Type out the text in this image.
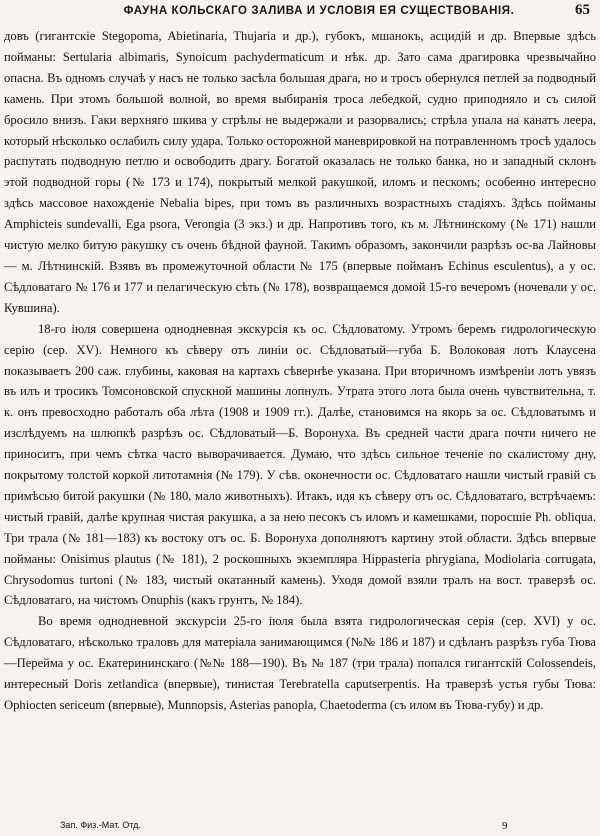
ФАУНА КОЛЬСКАГО ЗАЛИВА И УСЛОВІЯ ЕЯ СУЩЕСТВОВАНІЯ.	65

довъ (гигантскіе Stegopoma, Abietinaria, Thujaria и др.), губокъ, мшанокъ, асцидій и др. Впервые здѣсь пойманы: Sertularia albimaris, Synoicum pachydermaticum и нѣк. др. Зато сама драгировка чрезвычайно опасна. Въ одномъ случаѣ у насъ не только засѣла большая драга, но и тросъ обернулся петлей за подводный камень. При этомъ большой волной, во время выбиранія троса лебедкой, судно приподняло и съ силой бросило внизъ. Гаки верхняго шкива у стрѣлы не выдержали и разорвались; стрѣла упала на канатъ леера, который нѣсколько ослабилъ силу удара. Только осторожной маневрировкой на потравленномъ тросѣ удалось распутать подводную петлю и освободить драгу. Богатой оказалась не только банка, но и западный склонъ этой подводной горы (№ 173 и 174), покрытый мелкой ракушкой, иломъ и пескомъ; особенно интересно здѣсь массовое нахожденіе Nebalia bipes, при томъ въ различныхъ возрастныхъ стадіяхъ. Здѣсь пойманы Amphicteis sundevalli, Ega psora, Verongia (3 экз.) и др. Напротивъ того, къ м. Лѣтнинскому (№ 171) нашли чистую мелко битую ракушку съ очень бѣдной фауной. Такимъ образомъ, закончили разрѣзъ ос-ва Лайновы — м. Лѣтнинскій. Взявъ въ промежуточной области № 175 (впервые пойманъ Echinus esculentus), а у ос. Сѣдловатаго № 176 и 177 и пелагическую сѣть (№ 178), возвращаемся домой 15-го вечеромъ (ночевали у ос. Кувшина).

18-го іюля совершена однодневная экскурсія къ ос. Сѣдловатому. Утромъ беремъ гидрологическую серію (сер. XV). Немного къ сѣверу отъ линіи ос. Сѣдловатый—губа Б. Волоковая лотъ Клаусена показываетъ 200 саж. глубины, каковая на картахъ сѣвернѣе указана. При вторичномъ измѣреніи лотъ увязъ въ илъ и тросикъ Томсоновской спускной машины лопнулъ. Утрата этого лота была очень чувствительна, т. к. онъ превосходно работалъ оба лѣта (1908 и 1909 гг.). Далѣе, становимся на якорь за ос. Сѣдловатымъ и изслѣдуемъ на шлюпкѣ разрѣзъ ос. Сѣдловатый—Б. Воронуха. Въ средней части драга почти ничего не приноситъ, при чемъ сѣтка часто выворачивается. Думаю, что здѣсь сильное теченіе по скалистому дну, покрытому толстой коркой литотамнія (№ 179). У сѣв. оконечности ос. Сѣдловатаго нашли чистый гравій съ примѣсью битой ракушки (№ 180, мало животныхъ). Итакъ, идя къ сѣверу отъ ос. Сѣдловатаго, встрѣчаемъ: чистый гравій, далѣе крупная чистая ракушка, а за нею песокъ съ иломъ и камешками, поросшіе Ph. obliqua. Три трала (№ 181—183) къ востоку отъ ос. Б. Воронуха дополняютъ картину этой области. Здѣсь впервые пойманы: Onisimus plautus (№ 181), 2 роскошныхъ экземпляра Hippasteria phrygiana, Modiolaria corrugata, Chrysodomus turtoni (№ 183, чистый окатанный камень). Уходя домой взяли тралъ на вост. траверзѣ ос. Сѣдловатаго, на чистомъ Onuphis (какъ грунтъ, № 184).

Во время однодневной экскурсіи 25-го іюля была взята гидрологическая серія (сер. XVI) у ос. Сѣдловатаго, нѣсколько траловъ для матеріала занимающимся (№№ 186 и 187) и сдѣланъ разрѣзъ губа Тюва—Перейма у ос. Екатерининскаго (№№ 188—190). Въ № 187 (три трала) попался гигантскій Colossendeis, интересный Doris zetlandica (впервые), тинистая Terebratella caputserpentis. На траверзѣ устья губы Тюва: Ophiocten sericeum (впервые), Munnopsis, Asterias panopla, Chaetoderma (съ илом въ Тюва-губу) и др.

Зап. Физ.-Мат. Отд.	9
